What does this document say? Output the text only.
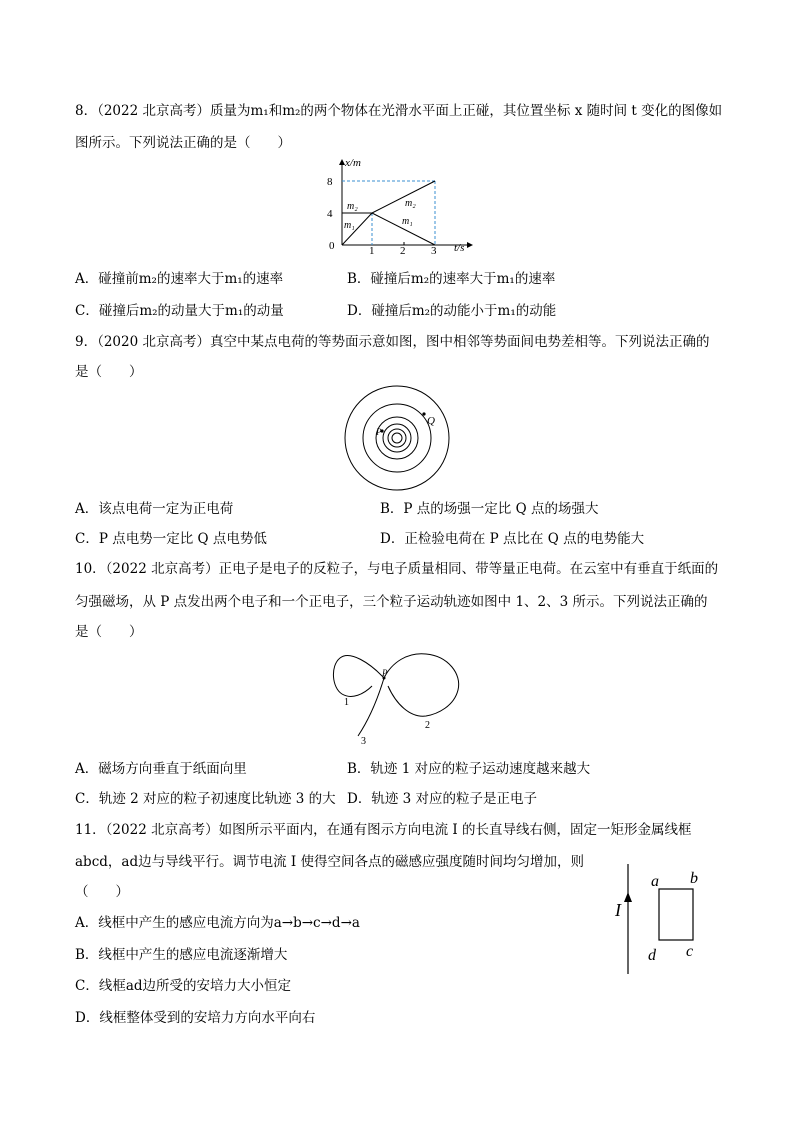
8．（2022 北京高考）质量为m₁和m₂的两个物体在光滑水平面上正碰，其位置坐标 x 随时间 t 变化的图像如
图所示。下列说法正确的是（　　）
x/m
t/s
8
4
0	1 2 3
m₂
m₁
m₂
m₁
A．碰撞前m₂的速率大于m₁的速率	B．碰撞后m₂的速率大于m₁的速率
C．碰撞后m₂的动量大于m₁的动量	D．碰撞后m₂的动能小于m₁的动能
9．（2020 北京高考）真空中某点电荷的等势面示意如图，图中相邻等势面间电势差相等。下列说法正确的
是（　　）
P
Q
A．该点电荷一定为正电荷	B．P 点的场强一定比 Q 点的场强大
C．P 点电势一定比 Q 点电势低	D．正检验电荷在 P 点比在 Q 点的电势能大
10．（2022 北京高考）正电子是电子的反粒子，与电子质量相同、带等量正电荷。在云室中有垂直于纸面的
匀强磁场，从 P 点发出两个电子和一个正电子，三个粒子运动轨迹如图中 1、2、3 所示。下列说法正确的
是（　　）
P
1
2
3
A．磁场方向垂直于纸面向里	B．轨迹 1 对应的粒子运动速度越来越大
C．轨迹 2 对应的粒子初速度比轨迹 3 的大 D．轨迹 3 对应的粒子是正电子
11．（2022 北京高考）如图所示平面内，在通有图示方向电流 I 的长直导线右侧，固定一矩形金属线框
abcd，ad边与导线平行。调节电流 I 使得空间各点的磁感应强度随时间均匀增加，则
（　　）
I
a b
c
d
A．线框中产生的感应电流方向为a→b→c→d→a
B．线框中产生的感应电流逐渐增大
C．线框ad边所受的安培力大小恒定
D．线框整体受到的安培力方向水平向右
